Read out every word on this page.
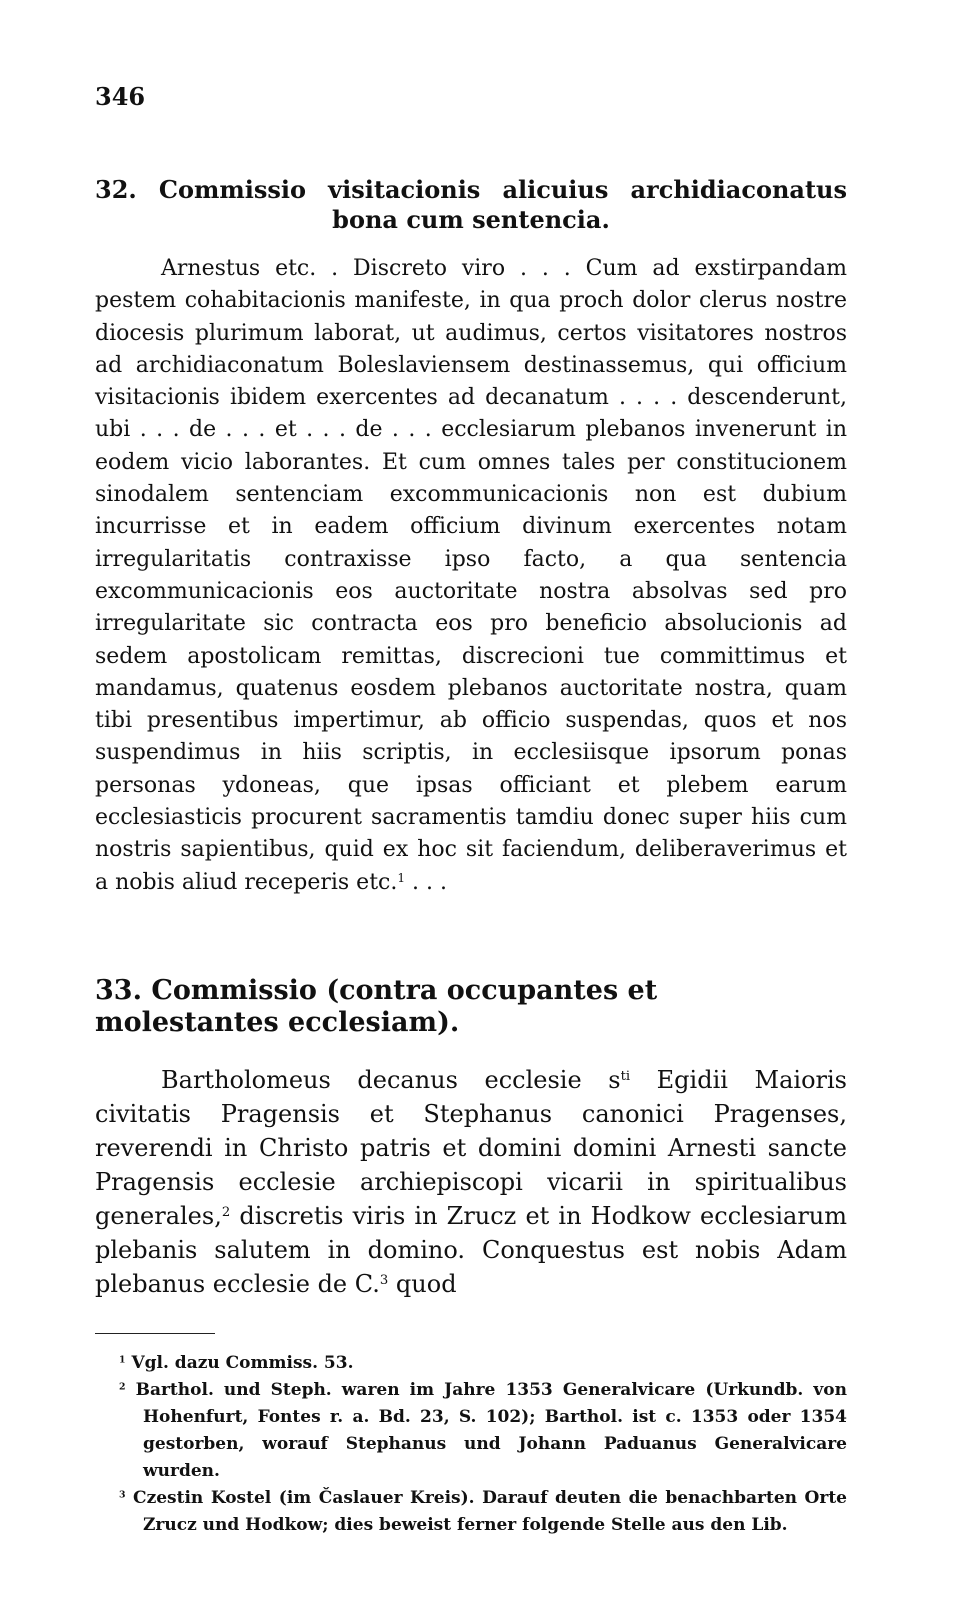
346
32. Commissio visitacionis alicuius archidiaconatus bona cum sentencia.

Arnestus etc. . Discreto viro . . . Cum ad exstirpandam pestem cohabitacionis manifeste, in qua proch dolor clerus nostre diocesis plurimum laborat, ut audimus, certos visitatores nostros ad archidiaconatum Boleslaviensem destinassemus, qui officium visitacionis ibidem exercentes ad decanatum . . . . descenderunt, ubi . . . de . . . et . . . de . . . ecclesiarum plebanos invenerunt in eodem vicio laborantes. Et cum omnes tales per constitucionem sinodalem sentenciam excommunicacionis non est dubium incurrisse et in eadem officium divinum exercentes notam irregularitatis contraxisse ipso facto, a qua sentencia excommunicacionis eos auctoritate nostra absolvas sed pro irregularitate sic contracta eos pro beneficio absolucionis ad sedem apostolicam remittas, discrecioni tue committimus et mandamus, quatenus eosdem plebanos auctoritate nostra, quam tibi presentibus impertimur, ab officio suspendas, quos et nos suspendimus in hiis scriptis, in ecclesiisque ipsorum ponas personas ydoneas, que ipsas officiant et plebem earum ecclesiasticis procurent sacramentis tamdiu donec super hiis cum nostris sapientibus, quid ex hoc sit faciendum, deliberaverimus et a nobis aliud receperis etc.$^1$ . . .

33. Commissio (contra occupantes et molestantes ecclesiam).

Bartholomeus decanus ecclesie $s^{ti}$ Egidii Maioris civitatis Pragensis et Stephanus canonici Pragenses, reverendi in Christo patris et domini domini Arnesti sancte Pragensis ecclesie archiepiscopi vicarii in spiritualibus generales,$^2$ discretis viris in Zrucz et in Hodkow ecclesiarum plebanis salutem in domino. Conquestus est nobis Adam plebanus ecclesie de C.$^3$ quod

$^1$ Vgl. dazu Commiss. 53.

$^2$ Barthol. und Steph. waren im Jahre 1353 Generalvicare (Urkundb. von Hohenfurt, Fontes r. a. Bd. 23, S. 102); Barthol. ist c. 1353 oder 1354 gestorben, worauf Stephanus und Johann Paduanus Generalvicare wurden.

$^3$ Czestin Kostel (im Časlauer Kreis). Darauf deuten die benachbarten Orte Zrucz und Hodkow; dies beweist ferner folgende Stelle aus den Lib.
